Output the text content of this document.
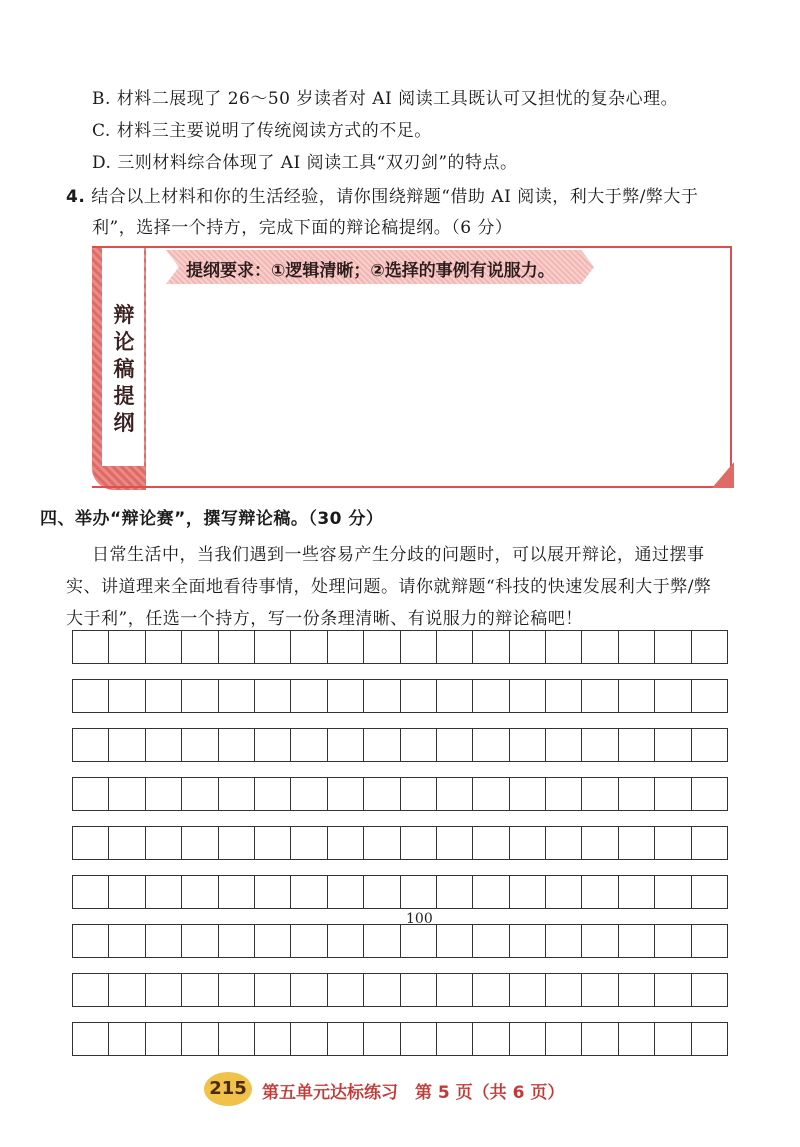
B. 材料二展现了 26～50 岁读者对 AI 阅读工具既认可又担忧的复杂心理。
C. 材料三主要说明了传统阅读方式的不足。
D. 三则材料综合体现了 AI 阅读工具“双刃剑”的特点。
4. 结合以上材料和你的生活经验，请你围绕辩题“借助 AI 阅读，利大于弊/弊大于
利”，选择一个持方，完成下面的辩论稿提纲。（6 分）
辩
论
稿
提
纲
提纲要求：①逻辑清晰；②选择的事例有说服力。
四、举办“辩论赛”，撰写辩论稿。（30 分）
日常生活中，当我们遇到一些容易产生分歧的问题时，可以展开辩论，通过摆事
实、讲道理来全面地看待事情，处理问题。请你就辩题“科技的快速发展利大于弊/弊
大于利”，任选一个持方，写一份条理清晰、有说服力的辩论稿吧！
100
215 第五单元达标练习　第 5 页（共 6 页）
